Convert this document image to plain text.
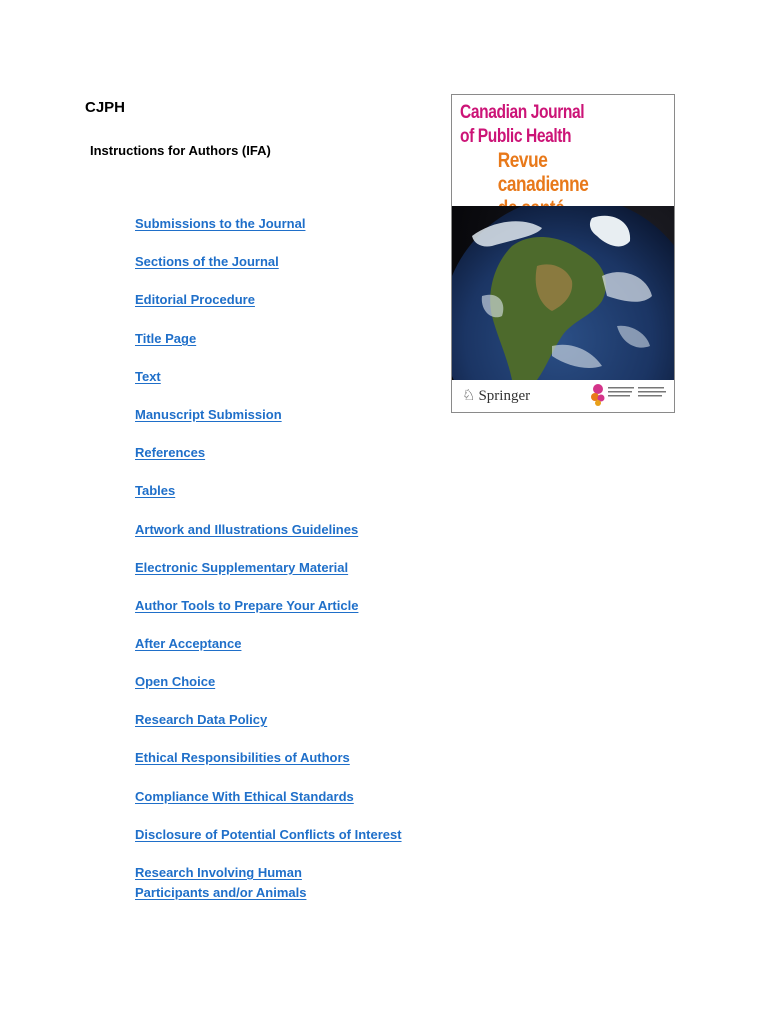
CJPH
Instructions for Authors (IFA)
Submissions to the Journal
Sections of the Journal
Editorial Procedure
Title Page
Text
Manuscript Submission
References
Tables
Artwork and Illustrations Guidelines
Electronic Supplementary Material
Author Tools to Prepare Your Article
After Acceptance
Open Choice
Research Data Policy
Ethical Responsibilities of Authors
Compliance With Ethical Standards
Disclosure of Potential Conflicts of Interest
Research Involving Human Participants and/or Animals
Canadian Journal
of Public Health
Revue canadienne
♘ Springer
